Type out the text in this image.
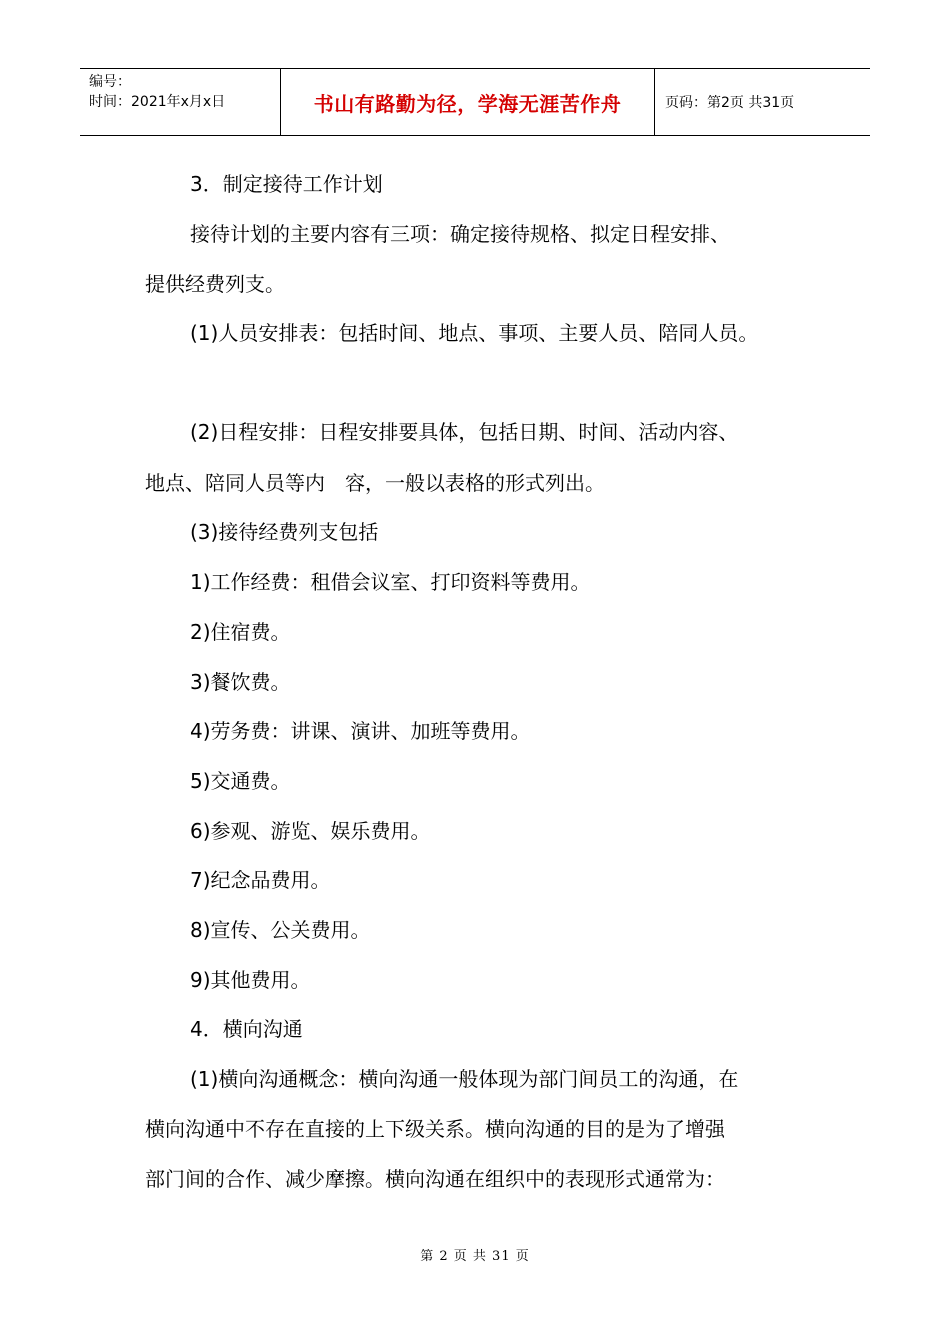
编号：
时间：2021年x月x日	书山有路勤为径，学海无涯苦作舟	页码：第2页 共31页
3．制定接待工作计划
接待计划的主要内容有三项：确定接待规格、拟定日程安排、
提供经费列支。
(1)人员安排表：包括时间、地点、事项、主要人员、陪同人员。
(2)日程安排：日程安排要具体，包括日期、时间、活动内容、
地点、陪同人员等内　容，一般以表格的形式列出。
(3)接待经费列支包括
1)工作经费：租借会议室、打印资料等费用。
2)住宿费。
3)餐饮费。
4)劳务费：讲课、演讲、加班等费用。
5)交通费。
6)参观、游览、娱乐费用。
7)纪念品费用。
8)宣传、公关费用。
9)其他费用。
4．横向沟通
(1)横向沟通概念：横向沟通一般体现为部门间员工的沟通，在
横向沟通中不存在直接的上下级关系。横向沟通的目的是为了增强
部门间的合作、减少摩擦。横向沟通在组织中的表现形式通常为：
第 2 页 共 31 页
